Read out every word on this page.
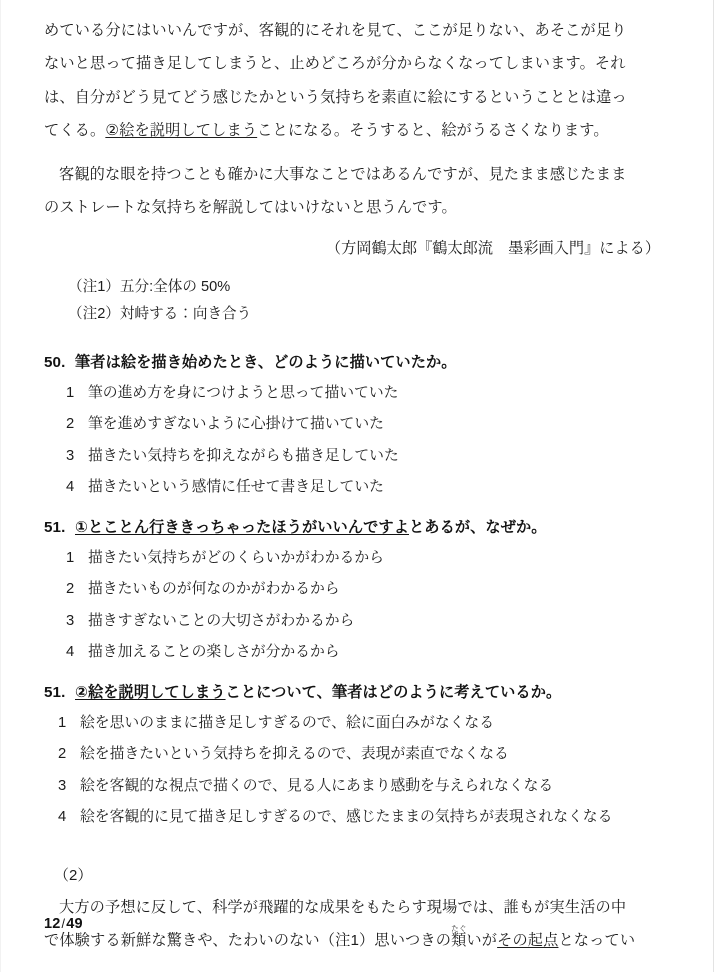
めている分にはいいんですが、客観的にそれを見て、ここが足りない、あそこが足り

ないと思って描き足してしまうと、止めどころが分からなくなってしまいます。それ

は、自分がどう見てどう感じたかという気持ちを素直に絵にするということとは違っ

てくる。②絵を説明してしまうことになる。そうすると、絵がうるさくなります。

客観的な眼を持つことも確かに大事なことではあるんですが、見たまま感じたまま

のストレートな気持ちを解説してはいけないと思うんです。

（方岡鶴太郎『鶴太郎流　墨彩画入門』による）

（注1）五分:全体の 50%

（注2）対峙する：向き合う

50. 筆者は絵を描き始めたとき、どのように描いていたか。

1 筆の進め方を身につけようと思って描いていた
2 筆を進めすぎないように心掛けて描いていた
3 描きたい気持ちを抑えながらも描き足していた
4 描きたいという感情に任せて書き足していた

51. ①とことん行ききっちゃったほうがいいんですよとあるが、なぜか。

1 描きたい気持ちがどのくらいかがわかるから
2 描きたいものが何なのかがわかるから
3 描きすぎないことの大切さがわかるから
4 描き加えることの楽しさが分かるから

51. ②絵を説明してしまうことについて、筆者はどのように考えているか。

1 絵を思いのままに描き足しすぎるので、絵に面白みがなくなる
2 絵を描きたいという気持ちを抑えるので、表現が素直でなくなる
3 絵を客観的な視点で描くので、見る人にあまり感動を与えられなくなる
4 絵を客観的に見て描き足しすぎるので、感じたままの気持ちが表現されなくなる

（2）

大方の予想に反して、科学が飛躍的な成果をもたらす現場では、誰もが実生活の中

で体験する新鮮な驚きや、たわいのない（注1）思いつきの類たぐいがその起点となってい

12/49
